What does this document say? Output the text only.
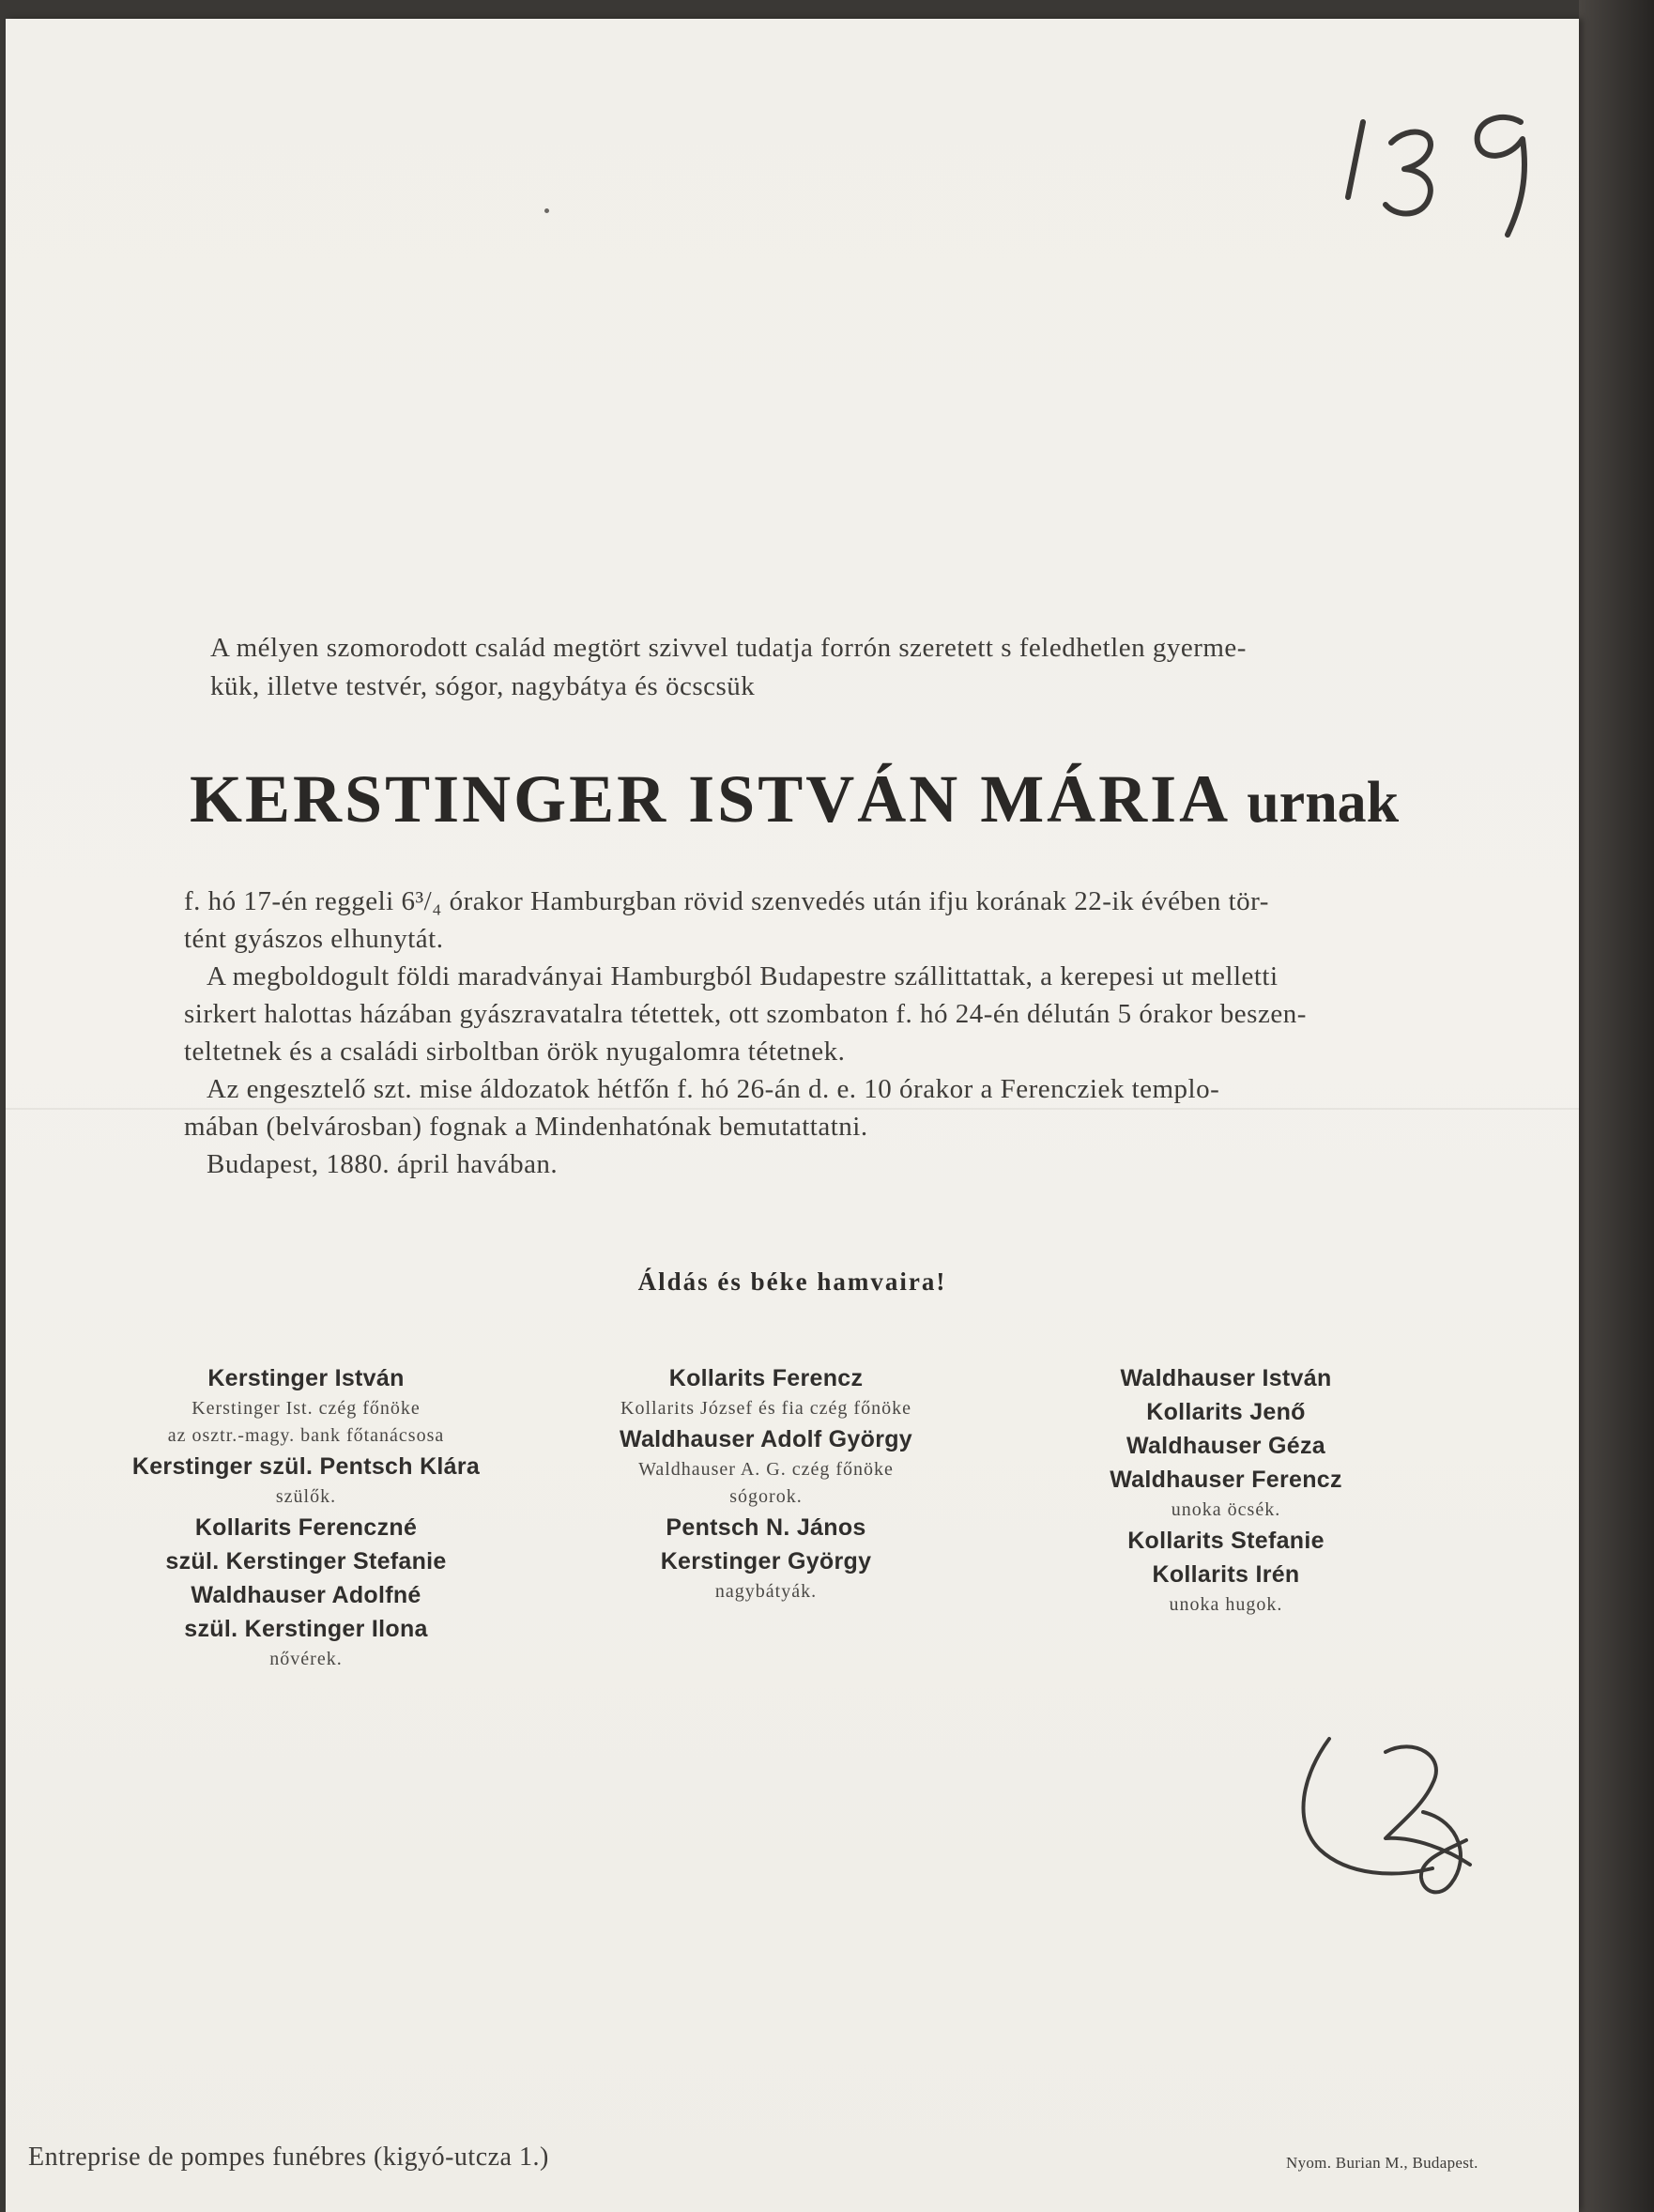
A mélyen szomorodott család megtört szivvel tudatja forrón szeretett s feledhetlen gyerme-
kük, illetve testvér, sógor, nagybátya és öcscsük
KERSTINGER ISTVÁN MÁRIA urnak

f. hó 17-én reggeli 6³/₄ órakor Hamburgban rövid szenvedés után ifju korának 22-ik évében tör-

tént gyászos elhunytát.

A megboldogult földi maradványai Hamburgból Budapestre szállittattak, a kerepesi ut melletti

sirkert halottas házában gyászravatalra tétettek, ott szombaton f. hó 24-én délután 5 órakor beszen-

teltetnek és a családi sirboltban örök nyugalomra tétetnek.

Az engesztelő szt. mise áldozatok hétfőn f. hó 26-án d. e. 10 órakor a Ferencziek templo-

mában (belvárosban) fognak a Mindenhatónak bemutattatni.

Budapest, 1880. ápril havában.

Áldás és béke hamvaira!
Kerstinger István
Kerstinger Ist. czég főnöke
az osztr.-magy. bank főtanácsosa
Kerstinger szül. Pentsch Klára
szülők.
Kollarits Ferenczné
szül. Kerstinger Stefanie
Waldhauser Adolfné
szül. Kerstinger Ilona
nővérek.
Kollarits Ferencz
Kollarits József és fia czég főnöke
Waldhauser Adolf György
Waldhauser A. G. czég főnöke
sógorok.
Pentsch N. János
Kerstinger György
nagybátyák.
Waldhauser István
Kollarits Jenő
Waldhauser Géza
Waldhauser Ferencz
unoka öcsék.
Kollarits Stefanie
Kollarits Irén
unoka hugok.
Entreprise de pompes funébres (kigyó-utcza 1.)	Nyom. Burian M., Budapest.
